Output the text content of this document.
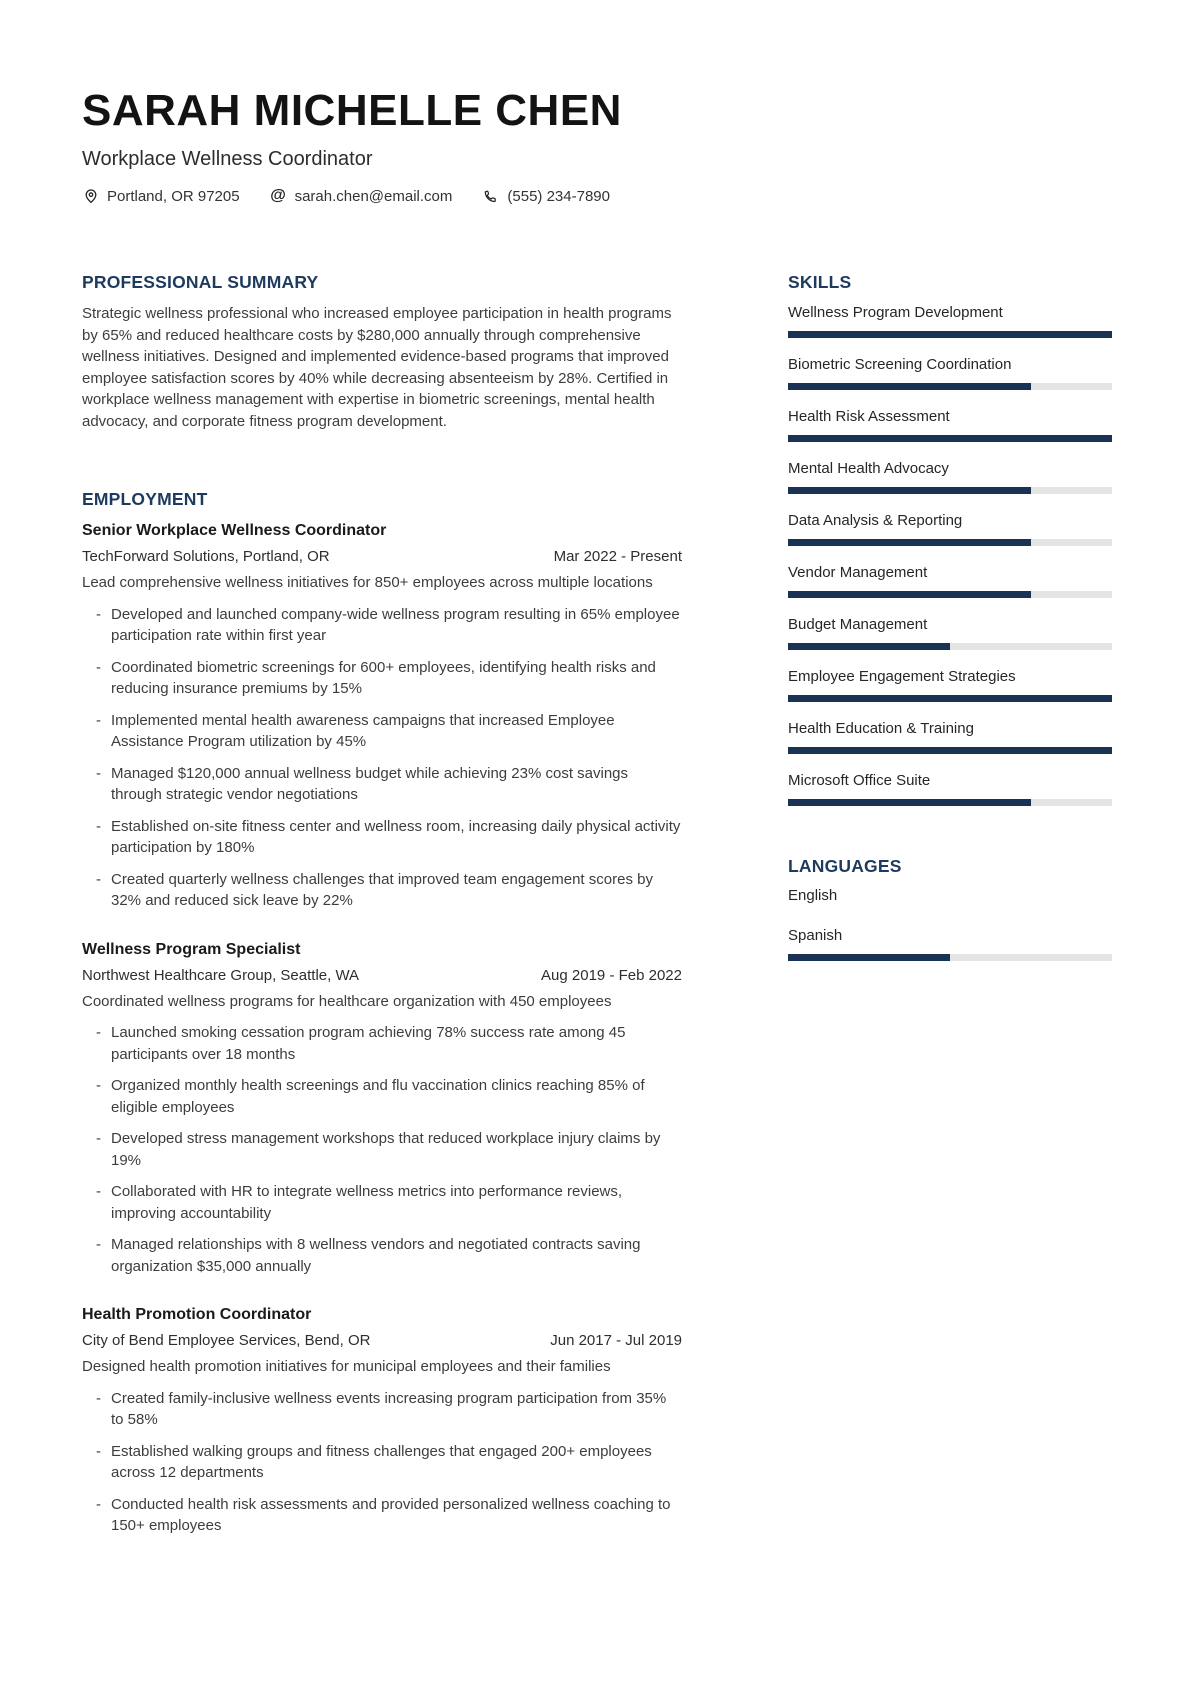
SARAH MICHELLE CHEN
Workplace Wellness Coordinator
Portland, OR 97205 @ sarah.chen@email.com	(555) 234-7890
PROFESSIONAL SUMMARY
Strategic wellness professional who increased employee participation in health programs by 65% and reduced healthcare costs by $280,000 annually through comprehensive wellness initiatives. Designed and implemented evidence-based programs that improved employee satisfaction scores by 40% while decreasing absenteeism by 28%. Certified in workplace wellness management with expertise in biometric screenings, mental health advocacy, and corporate fitness program development.
EMPLOYMENT
Senior Workplace Wellness Coordinator
TechForward Solutions, Portland, OR	Mar 2022 - Present
Lead comprehensive wellness initiatives for 850+ employees across multiple locations
- Developed and launched company-wide wellness program resulting in 65% employee participation rate within first year
- Coordinated biometric screenings for 600+ employees, identifying health risks and reducing insurance premiums by 15%
- Implemented mental health awareness campaigns that increased Employee Assistance Program utilization by 45%
- Managed $120,000 annual wellness budget while achieving 23% cost savings through strategic vendor negotiations
- Established on-site fitness center and wellness room, increasing daily physical activity participation by 180%
- Created quarterly wellness challenges that improved team engagement scores by 32% and reduced sick leave by 22%
Wellness Program Specialist
Northwest Healthcare Group, Seattle, WA	Aug 2019 - Feb 2022
Coordinated wellness programs for healthcare organization with 450 employees
- Launched smoking cessation program achieving 78% success rate among 45 participants over 18 months
- Organized monthly health screenings and flu vaccination clinics reaching 85% of eligible employees
- Developed stress management workshops that reduced workplace injury claims by 19%
- Collaborated with HR to integrate wellness metrics into performance reviews, improving accountability
- Managed relationships with 8 wellness vendors and negotiated contracts saving organization $35,000 annually
Health Promotion Coordinator
City of Bend Employee Services, Bend, OR	Jun 2017 - Jul 2019
Designed health promotion initiatives for municipal employees and their families
- Created family-inclusive wellness events increasing program participation from 35% to 58%
- Established walking groups and fitness challenges that engaged 200+ employees across 12 departments
- Conducted health risk assessments and provided personalized wellness coaching to 150+ employees
SKILLS
Wellness Program Development
Biometric Screening Coordination
Health Risk Assessment
Mental Health Advocacy
Data Analysis & Reporting
Vendor Management
Budget Management
Employee Engagement Strategies
Health Education & Training
Microsoft Office Suite
LANGUAGES
English
Spanish
